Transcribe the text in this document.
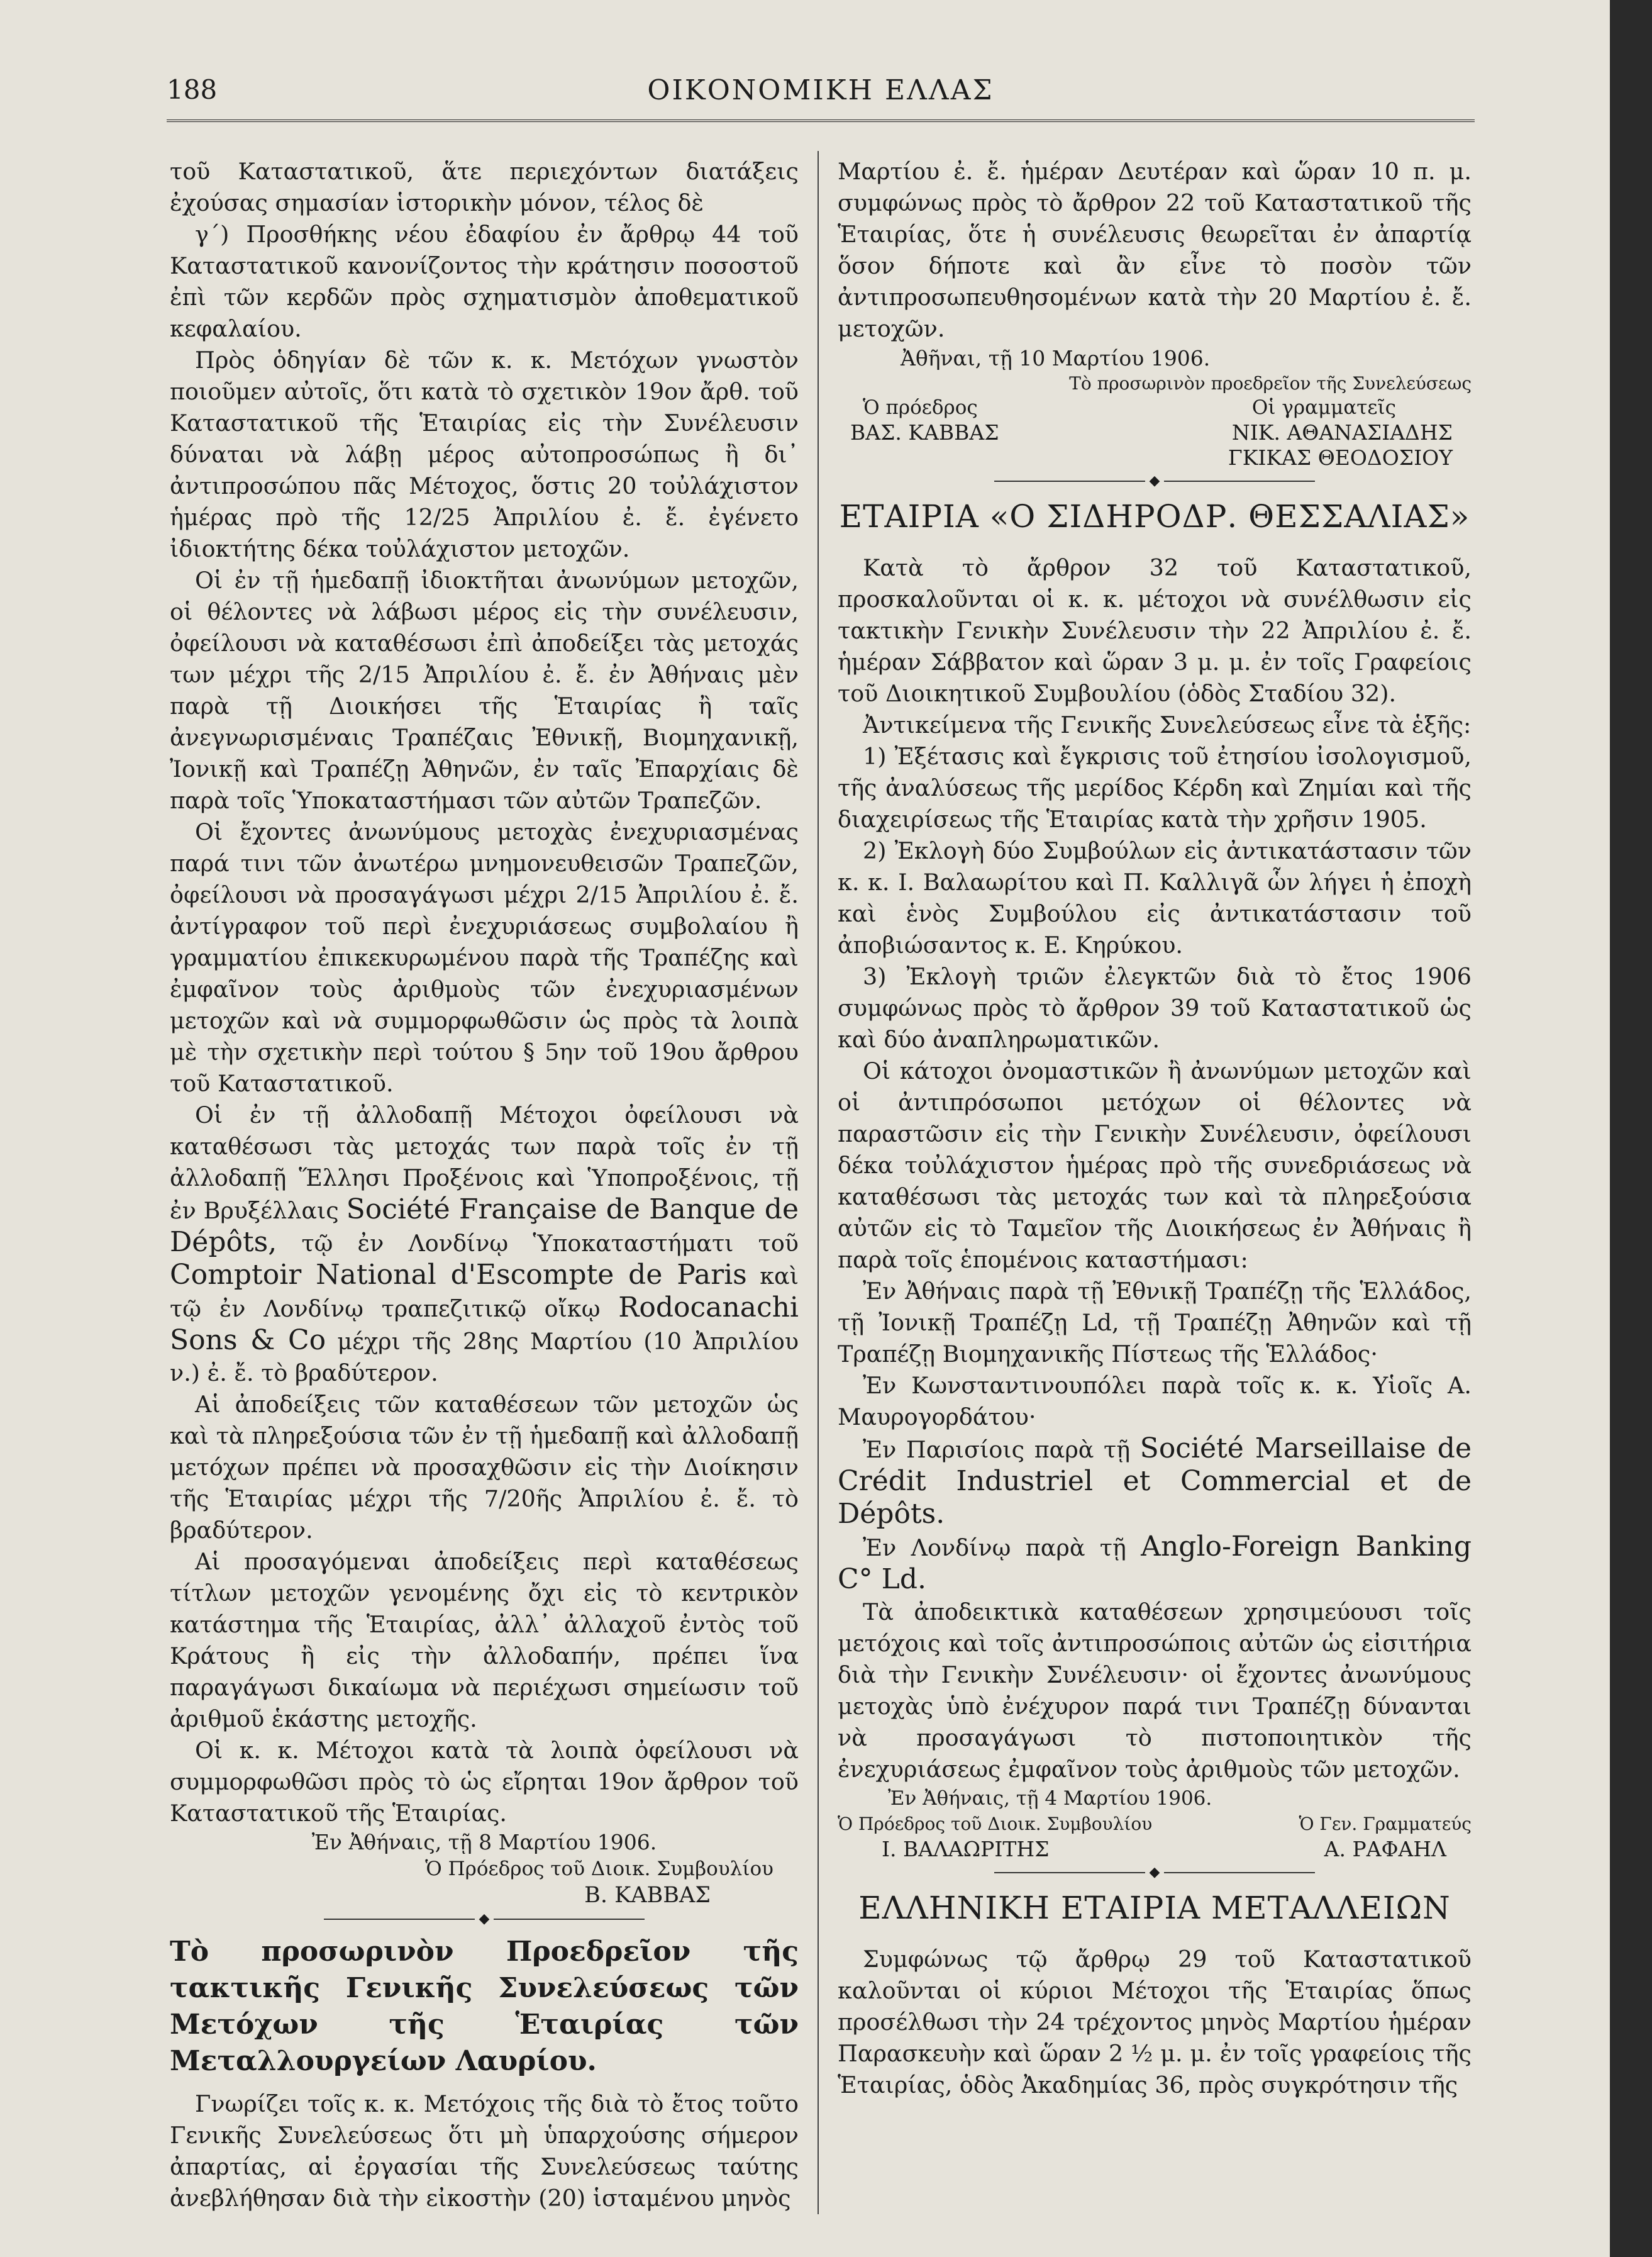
188	ΟΙΚΟΝΟΜΙΚΗ ΕΛΛΑΣ

τοῦ Καταστατικοῦ, ἅτε περιεχόντων διατάξεις ἐχούσας σημασίαν ἱστορικὴν μόνον, τέλος δὲ

γ΄) Προσθήκης νέου ἐδαφίου ἐν ἄρθρῳ 44 τοῦ Καταστατικοῦ κανονίζοντος τὴν κράτησιν ποσοστοῦ ἐπὶ τῶν κερδῶν πρὸς σχηματισμὸν ἀποθεματικοῦ κεφαλαίου.

Πρὸς ὁδηγίαν δὲ τῶν κ. κ. Μετόχων γνωστὸν ποιοῦμεν αὐτοῖς, ὅτι κατὰ τὸ σχετικὸν 19ον ἄρθ. τοῦ Καταστατικοῦ τῆς Ἑταιρίας εἰς τὴν Συνέλευσιν δύναται νὰ λάβῃ μέρος αὐτοπροσώπως ἢ δι᾽ ἀντιπροσώπου πᾶς Μέτοχος, ὅστις 20 τοὐλάχιστον ἡμέρας πρὸ τῆς 12/25 Ἀπριλίου ἐ. ἔ. ἐγένετο ἰδιοκτήτης δέκα τοὐλάχιστον μετοχῶν.

Οἱ ἐν τῇ ἡμεδαπῇ ἰδιοκτῆται ἀνωνύμων μετοχῶν, οἱ θέλοντες νὰ λάβωσι μέρος εἰς τὴν συνέλευσιν, ὀφείλουσι νὰ καταθέσωσι ἐπὶ ἀποδείξει τὰς μετοχάς των μέχρι τῆς 2/15 Ἀπριλίου ἐ. ἔ. ἐν Ἀθήναις μὲν παρὰ τῇ Διοικήσει τῆς Ἑταιρίας ἢ ταῖς ἀνεγνωρισμέναις Τραπέζαις Ἐθνικῇ, Βιομηχανικῇ, Ἰονικῇ καὶ Τραπέζῃ Ἀθηνῶν, ἐν ταῖς Ἐπαρχίαις δὲ παρὰ τοῖς Ὑποκαταστήμασι τῶν αὐτῶν Τραπεζῶν.

Οἱ ἔχοντες ἀνωνύμους μετοχὰς ἐνεχυριασμένας παρά τινι τῶν ἀνωτέρω μνημονευθεισῶν Τραπεζῶν, ὀφείλουσι νὰ προσαγάγωσι μέχρι 2/15 Ἀπριλίου ἐ. ἔ. ἀντίγραφον τοῦ περὶ ἐνεχυριάσεως συμβολαίου ἢ γραμματίου ἐπικεκυρωμένου παρὰ τῆς Τραπέζης καὶ ἐμφαῖνον τοὺς ἀριθμοὺς τῶν ἐνεχυριασμένων μετοχῶν καὶ νὰ συμμορφωθῶσιν ὡς πρὸς τὰ λοιπὰ μὲ τὴν σχετικὴν περὶ τούτου § 5ην τοῦ 19ου ἄρθρου τοῦ Καταστατικοῦ.

Οἱ ἐν τῇ ἀλλοδαπῇ Μέτοχοι ὀφείλουσι νὰ καταθέσωσι τὰς μετοχάς των παρὰ τοῖς ἐν τῇ ἀλλοδαπῇ Ἕλλησι Προξένοις καὶ Ὑποπροξένοις, τῇ ἐν Βρυξέλλαις Société Française de Banque de Dépôts, τῷ ἐν Λονδίνῳ Ὑποκαταστήματι τοῦ Comptoir National d'Escompte de Paris καὶ τῷ ἐν Λονδίνῳ τραπεζιτικῷ οἴκῳ Rodocanachi Sons & Co μέχρι τῆς 28ης Μαρτίου (10 Ἀπριλίου ν.) ἐ. ἔ. τὸ βραδύτερον.

Αἱ ἀποδείξεις τῶν καταθέσεων τῶν μετοχῶν ὡς καὶ τὰ πληρεξούσια τῶν ἐν τῇ ἡμεδαπῇ καὶ ἀλλοδαπῇ μετόχων πρέπει νὰ προσαχθῶσιν εἰς τὴν Διοίκησιν τῆς Ἑταιρίας μέχρι τῆς 7/20ῆς Ἀπριλίου ἐ. ἔ. τὸ βραδύτερον.

Αἱ προσαγόμεναι ἀποδείξεις περὶ καταθέσεως τίτλων μετοχῶν γενομένης ὄχι εἰς τὸ κεντρικὸν κατάστημα τῆς Ἑταιρίας, ἀλλ᾽ ἀλλαχοῦ ἐντὸς τοῦ Κράτους ἢ εἰς τὴν ἀλλοδαπήν, πρέπει ἵνα παραγάγωσι δικαίωμα νὰ περιέχωσι σημείωσιν τοῦ ἀριθμοῦ ἑκάστης μετοχῆς.

Οἱ κ. κ. Μέτοχοι κατὰ τὰ λοιπὰ ὀφείλουσι νὰ συμμορφωθῶσι πρὸς τὸ ὡς εἴρηται 19ον ἄρθρον τοῦ Καταστατικοῦ τῆς Ἑταιρίας.

Ἐν Ἀθήναις, τῇ 8 Μαρτίου 1906.
Ὁ Πρόεδρος τοῦ Διοικ. Συμβουλίου
Β. ΚΑΒΒΑΣ
◆
Τὸ προσωρινὸν Προεδρεῖον τῆς τακτικῆς Γενικῆς Συνελεύσεως τῶν Μετόχων τῆς Ἑταιρίας τῶν Μεταλλουργείων Λαυρίου.

Γνωρίζει τοῖς κ. κ. Μετόχοις τῆς διὰ τὸ ἔτος τοῦτο Γενικῆς Συνελεύσεως ὅτι μὴ ὑπαρχούσης σήμερον ἀπαρτίας, αἱ ἐργασίαι τῆς Συνελεύσεως ταύτης ἀνεβλήθησαν διὰ τὴν εἰκοστὴν (20) ἱσταμένου μηνὸς

Μαρτίου ἐ. ἔ. ἡμέραν Δευτέραν καὶ ὥραν 10 π. μ. συμφώνως πρὸς τὸ ἄρθρον 22 τοῦ Καταστατικοῦ τῆς Ἑταιρίας, ὅτε ἡ συνέλευσις θεωρεῖται ἐν ἀπαρτίᾳ ὅσον δήποτε καὶ ἂν εἶνε τὸ ποσὸν τῶν ἀντιπροσωπευθησομένων κατὰ τὴν 20 Μαρτίου ἐ. ἔ. μετοχῶν.

Ἀθῆναι, τῇ 10 Μαρτίου 1906.
Τὸ προσωρινὸν προεδρεῖον τῆς Συνελεύσεως
Ὁ πρόεδρος	Οἱ γραμματεῖς
ΒΑΣ. ΚΑΒΒΑΣ	ΝΙΚ. ΑΘΑΝΑΣΙΑΔΗΣ
ΓΚΙΚΑΣ ΘΕΟΔΟΣΙΟΥ
◆
ΕΤΑΙΡΙΑ «Ο ΣΙΔΗΡΟΔΡ. ΘΕΣΣΑΛΙΑΣ»

Κατὰ τὸ ἄρθρον 32 τοῦ Καταστατικοῦ, προσκαλοῦνται οἱ κ. κ. μέτοχοι νὰ συνέλθωσιν εἰς τακτικὴν Γενικὴν Συνέλευσιν τὴν 22 Ἀπριλίου ἐ. ἔ. ἡμέραν Σάββατον καὶ ὥραν 3 μ. μ. ἐν τοῖς Γραφείοις τοῦ Διοικητικοῦ Συμβουλίου (ὁδὸς Σταδίου 32).

Ἀντικείμενα τῆς Γενικῆς Συνελεύσεως εἶνε τὰ ἑξῆς:

1) Ἐξέτασις καὶ ἔγκρισις τοῦ ἐτησίου ἰσολογισμοῦ, τῆς ἀναλύσεως τῆς μερίδος Κέρδη καὶ Ζημίαι καὶ τῆς διαχειρίσεως τῆς Ἑταιρίας κατὰ τὴν χρῆσιν 1905.

2) Ἐκλογὴ δύο Συμβούλων εἰς ἀντικατάστασιν τῶν κ. κ. Ι. Βαλαωρίτου καὶ Π. Καλλιγᾶ ὧν λήγει ἡ ἐποχὴ καὶ ἑνὸς Συμβούλου εἰς ἀντικατάστασιν τοῦ ἀποβιώσαντος κ. Ε. Κηρύκου.

3) Ἐκλογὴ τριῶν ἐλεγκτῶν διὰ τὸ ἔτος 1906 συμφώνως πρὸς τὸ ἄρθρον 39 τοῦ Καταστατικοῦ ὡς καὶ δύο ἀναπληρωματικῶν.

Οἱ κάτοχοι ὀνομαστικῶν ἢ ἀνωνύμων μετοχῶν καὶ οἱ ἀντιπρόσωποι μετόχων οἱ θέλοντες νὰ παραστῶσιν εἰς τὴν Γενικὴν Συνέλευσιν, ὀφείλουσι δέκα τοὐλάχιστον ἡμέρας πρὸ τῆς συνεδριάσεως νὰ καταθέσωσι τὰς μετοχάς των καὶ τὰ πληρεξούσια αὐτῶν εἰς τὸ Ταμεῖον τῆς Διοικήσεως ἐν Ἀθήναις ἢ παρὰ τοῖς ἑπομένοις καταστήμασι:

Ἐν Ἀθήναις παρὰ τῇ Ἐθνικῇ Τραπέζῃ τῆς Ἑλλάδος, τῇ Ἰονικῇ Τραπέζῃ Ld, τῇ Τραπέζῃ Ἀθηνῶν καὶ τῇ Τραπέζῃ Βιομηχανικῆς Πίστεως τῆς Ἑλλάδος·

Ἐν Κωνσταντινουπόλει παρὰ τοῖς κ. κ. Υἱοῖς Α. Μαυρογορδάτου·

Ἐν Παρισίοις παρὰ τῇ Société Marseillaise de Crédit Industriel et Commercial et de Dépôts.

Ἐν Λονδίνῳ παρὰ τῇ Anglo-Foreign Banking C° Ld.

Τὰ ἀποδεικτικὰ καταθέσεων χρησιμεύουσι τοῖς μετόχοις καὶ τοῖς ἀντιπροσώποις αὐτῶν ὡς εἰσιτήρια διὰ τὴν Γενικὴν Συνέλευσιν· οἱ ἔχοντες ἀνωνύμους μετοχὰς ὑπὸ ἐνέχυρον παρά τινι Τραπέζῃ δύνανται νὰ προσαγάγωσι τὸ πιστοποιητικὸν τῆς ἐνεχυριάσεως ἐμφαῖνον τοὺς ἀριθμοὺς τῶν μετοχῶν.

Ἐν Ἀθήναις, τῇ 4 Μαρτίου 1906.
Ὁ Πρόεδρος τοῦ Διοικ. Συμβουλίου	Ὁ Γεν. Γραμματεύς
Ι. ΒΑΛΑΩΡΙΤΗΣ	Α. ΡΑΦΑΗΛ
◆
ΕΛΛΗΝΙΚΗ ΕΤΑΙΡΙΑ ΜΕΤΑΛΛΕΙΩΝ

Συμφώνως τῷ ἄρθρῳ 29 τοῦ Καταστατικοῦ καλοῦνται οἱ κύριοι Μέτοχοι τῆς Ἑταιρίας ὅπως προσέλθωσι τὴν 24 τρέχοντος μηνὸς Μαρτίου ἡμέραν Παρασκευὴν καὶ ὥραν 2 ½ μ. μ. ἐν τοῖς γραφείοις τῆς Ἑταιρίας, ὁδὸς Ἀκαδημίας 36, πρὸς συγκρότησιν τῆς
